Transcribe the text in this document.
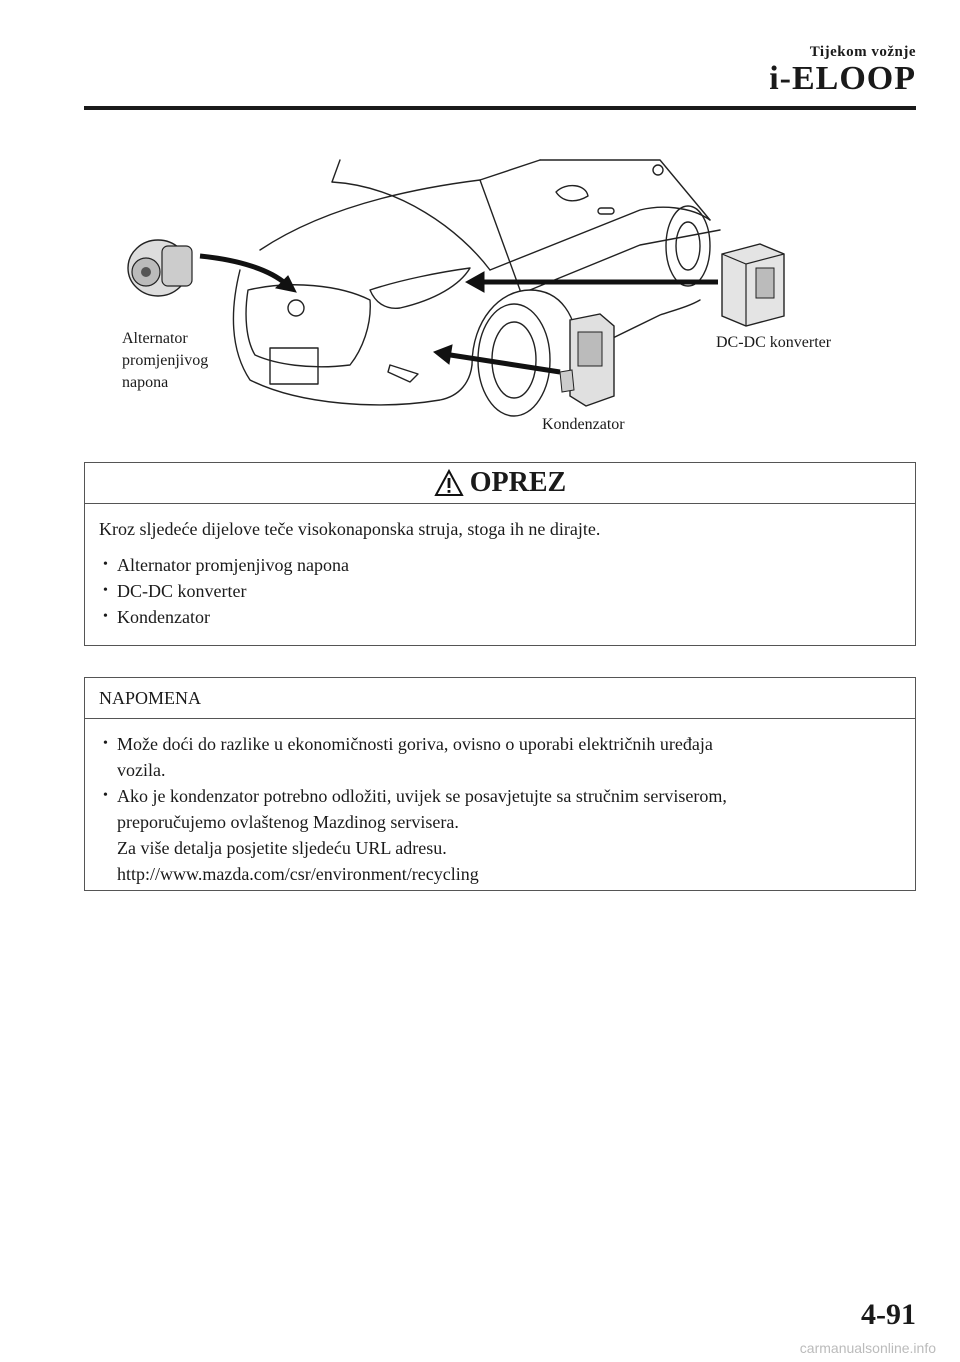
Tijekom vožnje
i-ELOOP
Alternator
promjenjivog
napona
DC-DC konverter
Kondenzator
OPREZ
Kroz sljedeće dijelove teče visokonaponska struja, stoga ih ne dirajte.
• Alternator promjenjivog napona
• DC-DC konverter
• Kondenzator
NAPOMENA
• Može doći do razlike u ekonomičnosti goriva, ovisno o uporabi električnih uređaja
vozila.
• Ako je kondenzator potrebno odložiti, uvijek se posavjetujte sa stručnim serviserom,
preporučujemo ovlaštenog Mazdinog servisera.
Za više detalja posjetite sljedeću URL adresu.
http://www.mazda.com/csr/environment/recycling
4-91
carmanualsonline.info
